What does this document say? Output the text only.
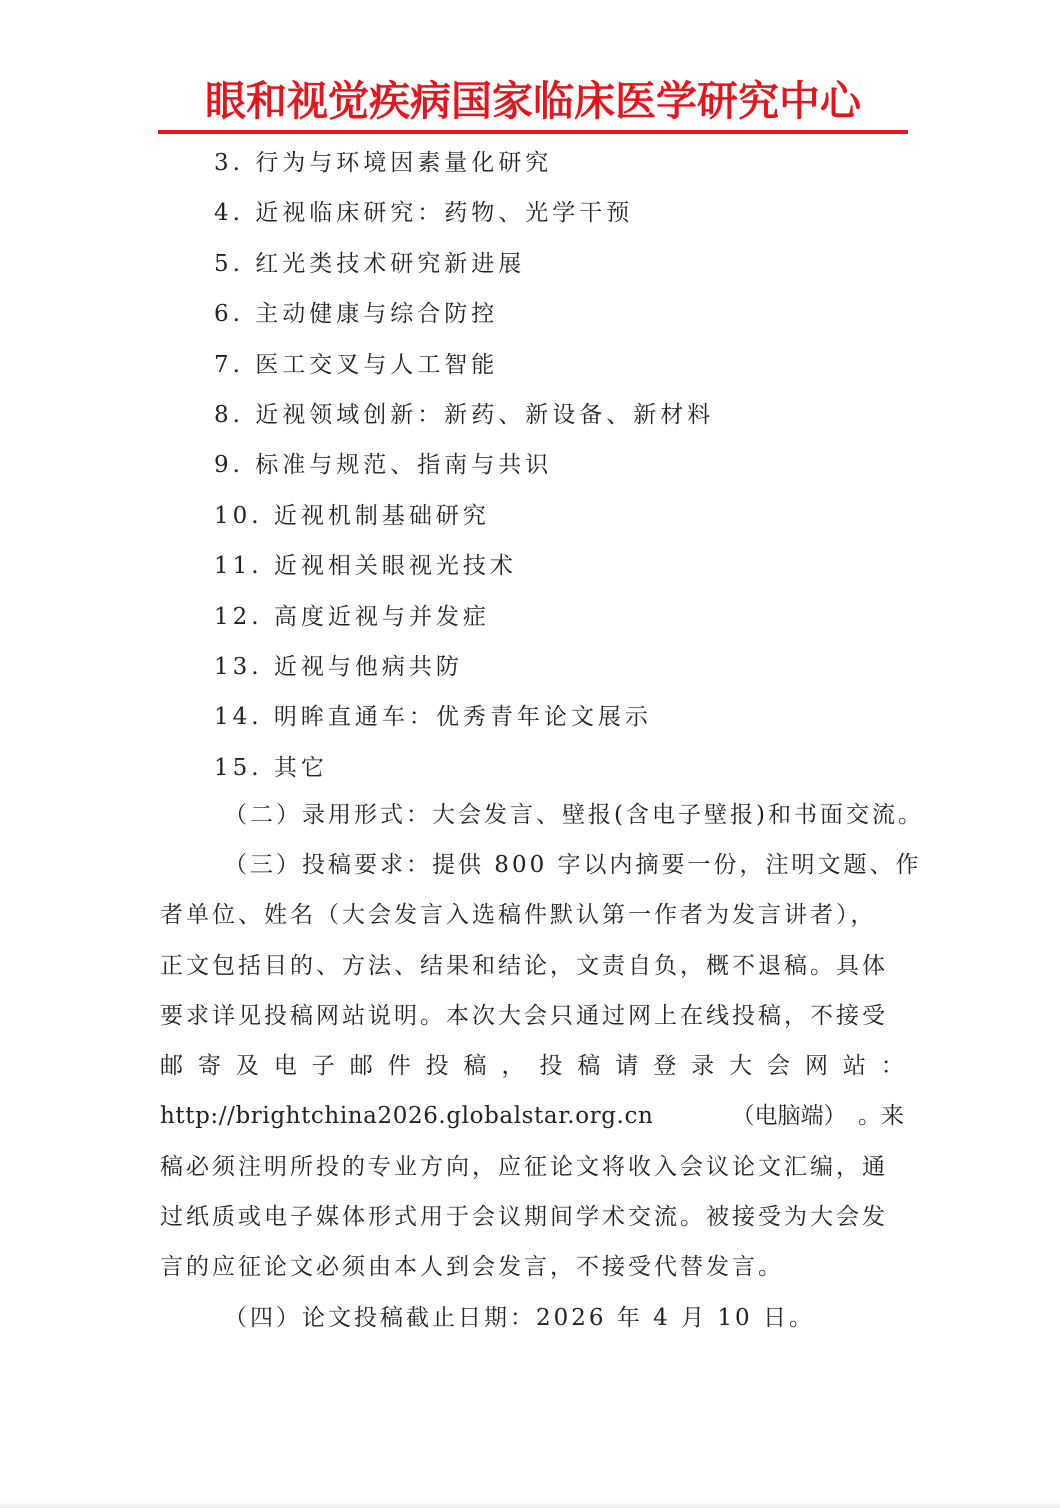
眼和视觉疾病国家临床医学研究中心
3. 行为与环境因素量化研究
4. 近视临床研究：药物、光学干预
5. 红光类技术研究新进展
6. 主动健康与综合防控
7. 医工交叉与人工智能
8. 近视领域创新：新药、新设备、新材料
9. 标准与规范、指南与共识
10. 近视机制基础研究
11. 近视相关眼视光技术
12. 高度近视与并发症
13. 近视与他病共防
14. 明眸直通车：优秀青年论文展示
15. 其它
（二）录用形式：大会发言、壁报(含电子壁报)和书面交流。
（三）投稿要求：提供 800 字以内摘要一份，注明文题、作
者单位、姓名（大会发言入选稿件默认第一作者为发言讲者），
正文包括目的、方法、结果和结论，文责自负，概不退稿。具体
要求详见投稿网站说明。本次大会只通过网上在线投稿，不接受
邮 寄 及 电 子 邮 件 投 稿 ， 投 稿 请 登 录 大 会 网 站 ：
http://brightchina2026.globalstar.org.cn	（电脑端）　。来
稿必须注明所投的专业方向，应征论文将收入会议论文汇编，通
过纸质或电子媒体形式用于会议期间学术交流。被接受为大会发
言的应征论文必须由本人到会发言，不接受代替发言。
（四）论文投稿截止日期：2026 年 4 月 10 日。
